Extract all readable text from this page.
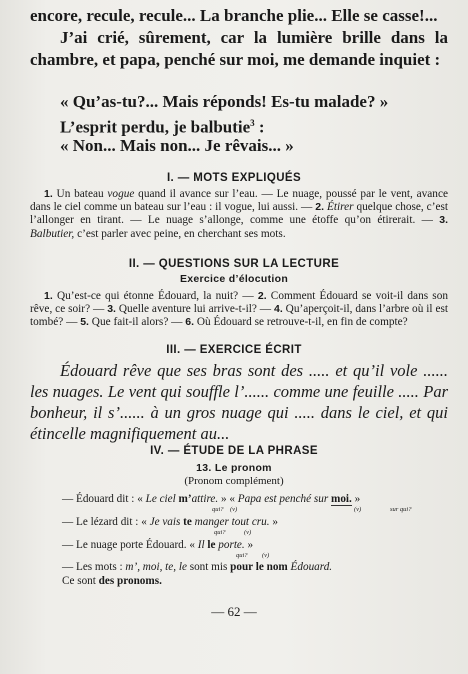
encore, recule, recule... La branche plie... Elle se casse!...

J’ai crié, sûrement, car la lumière brille dans la chambre, et papa, penché sur moi, me demande inquiet :

« Qu’as-tu?... Mais réponds! Es-tu malade? »

L’esprit perdu, je balbutie$^3$ :

« Non... Mais non... Je rêvais... »

I. — MOTS EXPLIQUÉS

1. Un bateau vogue quand il avance sur l’eau. — Le nuage, poussé par le vent, avance dans le ciel comme un bateau sur l’eau : il vogue, lui aussi. — 2. Étirer quelque chose, c’est l’allonger en tirant. — Le nuage s’allonge, comme une étoffe qu’on étirerait. — 3. Balbutier, c’est parler avec peine, en cherchant ses mots.

II. — QUESTIONS SUR LA LECTURE
Exercice d’élocution

1. Qu’est-ce qui étonne Édouard, la nuit? — 2. Comment Édouard se voit-il dans son rêve, ce soir? — 3. Quelle aventure lui arrive-t-il? — 4. Qu’aperçoit-il, dans l’arbre où il est tombé? — 5. Que fait-il alors? — 6. Où Édouard se retrouve-t-il, en fin de compte?

III. — EXERCICE ÉCRIT

Édouard rêve que ses bras sont des ..... et qu’il vole ...... les nuages. Le vent qui souffle l’...... comme une feuille ..... Par bonheur, il s’...... à un gros nuage qui ..... dans le ciel, et qui étincelle magnifiquement au...

IV. — ÉTUDE DE LA PHRASE
13. Le pronom
(Pronom complément)
— Édouard dit : « Le ciel m’attire. » « Papa est penché sur moi. »
qui? (v)	(v)	sur qui?
— Le lézard dit : « Je vais te manger tout cru. »
qui?	(v)
— Le nuage porte Édouard. « Il le porte. »
qui? (v)
— Les mots : m’, moi, te, le sont mis pour le nom Édouard.
Ce sont des pronoms.
— 62 —
